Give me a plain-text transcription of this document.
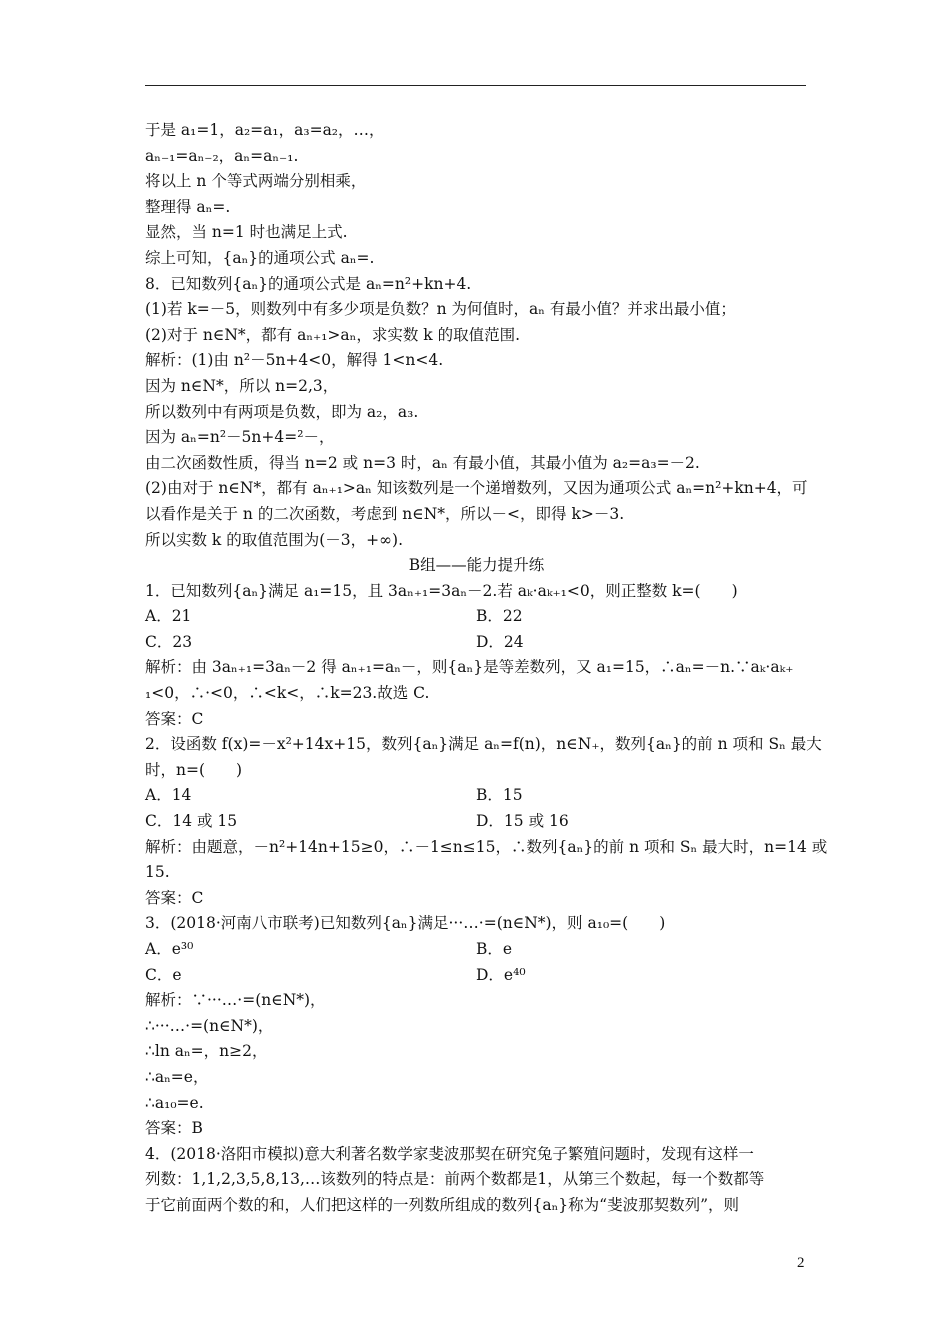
于是 a₁=1，a₂=a₁，a₃=a₂，…，
aₙ₋₁=aₙ₋₂，aₙ=aₙ₋₁.
将以上 n 个等式两端分别相乘，
整理得 aₙ=.
显然，当 n=1 时也满足上式.
综上可知，{aₙ}的通项公式 aₙ=.
8．已知数列{aₙ}的通项公式是 aₙ=n²+kn+4.
(1)若 k=－5，则数列中有多少项是负数？n 为何值时，aₙ 有最小值？并求出最小值；
(2)对于 n∈N*，都有 aₙ₊₁>aₙ，求实数 k 的取值范围.
解析：(1)由 n²－5n+4<0，解得 1<n<4.
因为 n∈N*，所以 n=2,3，
所以数列中有两项是负数，即为 a₂，a₃.
因为 aₙ=n²－5n+4=²－，
由二次函数性质，得当 n=2 或 n=3 时，aₙ 有最小值，其最小值为 a₂=a₃=－2.
(2)由对于 n∈N*，都有 aₙ₊₁>aₙ 知该数列是一个递增数列，又因为通项公式 aₙ=n²+kn+4，可
以看作是关于 n 的二次函数，考虑到 n∈N*，所以－<，即得 k>－3.
所以实数 k 的取值范围为(－3，+∞).
B组——能力提升练
1．已知数列{aₙ}满足 a₁=15，且 3aₙ₊₁=3aₙ－2.若 aₖ·aₖ₊₁<0，则正整数 k=(　　)
A．21	B．22
C．23	D．24
解析：由 3aₙ₊₁=3aₙ－2 得 aₙ₊₁=aₙ－，则{aₙ}是等差数列，又 a₁=15，∴aₙ=－n.∵aₖ·aₖ₊
₁<0，∴·<0，∴<k<，∴k=23.故选 C.
答案：C
2．设函数 f(x)=－x²+14x+15，数列{aₙ}满足 aₙ=f(n)，n∈N₊，数列{aₙ}的前 n 项和 Sₙ 最大
时，n=(　　)
A．14	B．15
C．14 或 15	D．15 或 16
解析：由题意，－n²+14n+15≥0，∴－1≤n≤15，∴数列{aₙ}的前 n 项和 Sₙ 最大时，n=14 或
15.
答案：C
3．(2018·河南八市联考)已知数列{aₙ}满足···…·=(n∈N*)，则 a₁₀=(　　)
A．e³⁰	B．e
C．e	D．e⁴⁰
解析：∵···…·=(n∈N*)，
∴···…·=(n∈N*)，
∴ln aₙ=，n≥2，
∴aₙ=e，
∴a₁₀=e.
答案：B
4．(2018·洛阳市模拟)意大利著名数学家斐波那契在研究兔子繁殖问题时，发现有这样一
列数：1,1,2,3,5,8,13,…该数列的特点是：前两个数都是1，从第三个数起，每一个数都等
于它前面两个数的和，人们把这样的一列数所组成的数列{aₙ}称为“斐波那契数列”，则
2
